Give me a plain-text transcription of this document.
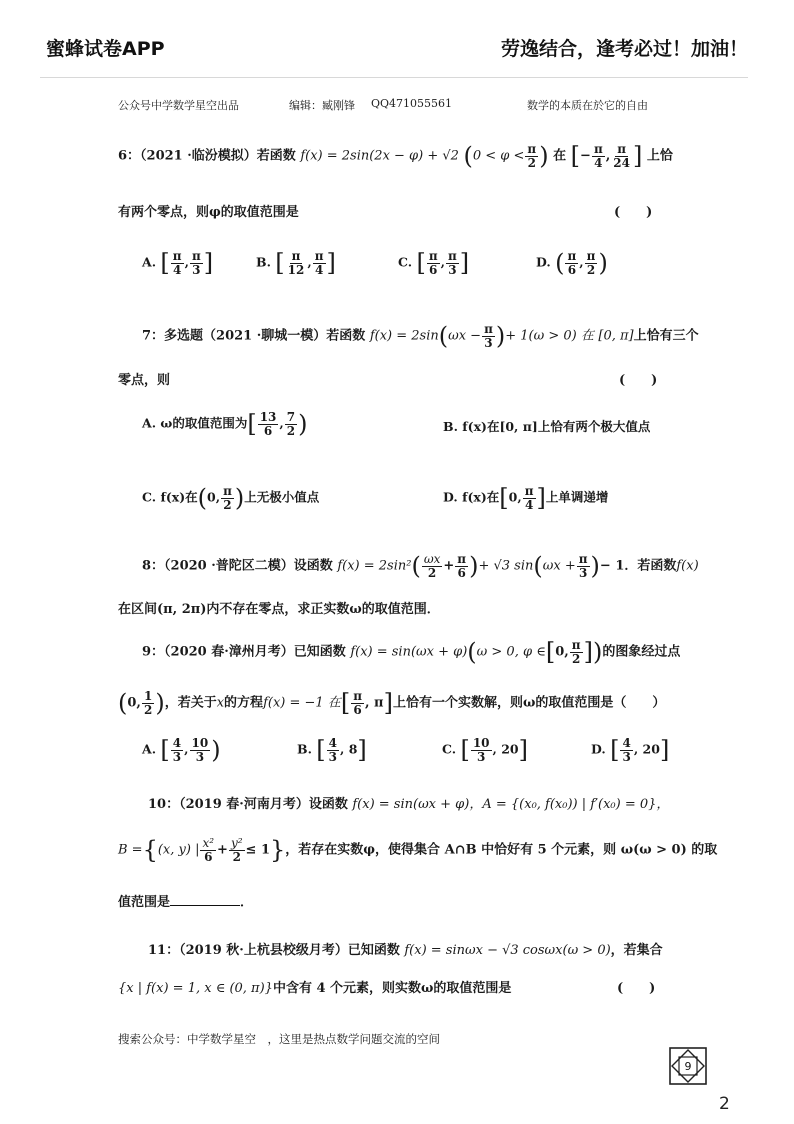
蜜蜂试卷APP	劳逸结合，逢考必过！加油！
公众号中学数学星空出品	编辑：臧刚锋 QQ471055561	数学的本质在於它的自由
6：（2021 ·临汾模拟）若函数 f(x) = 2sin(2x − φ) + √2 ($0 < \varphi < \frac{\pi}{2}$ ) 在 [− $\frac{\pi}{4}$ , $\frac{\pi}{24}$ ] 上恰
有两个零点，则φ的取值范围是	(　　)
A. [ $\frac{\pi}{4}$ , $\frac{\pi}{3}$ ]	B. [ $\frac{\pi}{12}$ , $\frac{\pi}{4}$ ]	C. [ $\frac{\pi}{6}$ , $\frac{\pi}{3}$ ]	D. ( $\frac{\pi}{6}$ , $\frac{\pi}{2}$ )
7：多选题（2021 ·聊城一模）若函数 $f(x) = 2\sin(\omega x - \frac{\pi}{3}$ )+ 1(ω > 0) 在 [0, π]上恰有三个
零点，则	(　　)
A. ω的取值范围为[ $\frac{13}{6}$ , $\frac{7}{2}$ )	B. f(x)在[0, π]上恰有两个极大值点
C. f(x)在(0, $\frac{\pi}{2}$ )上无极小值点	D. f(x)在[0, $\frac{\pi}{4}$ ]上单调递增
8：（2020 ·普陀区二模）设函数 $f(x) = 2\sin^2( \frac{\omega x}{2} + \frac{\pi}{6}$ )+ √3 $\sin(\omega x + \frac{\pi}{3}$ )− 1．若函数f(x)
在区间(π, 2π)内不存在零点，求正实数ω的取值范围．
9：（2020 春·漳州月考）已知函数 f(x) = sin(ωx + φ)(ω > 0, φ ∈[0, $\frac{\pi}{2}$ ])的图象经过点
(0, $\frac{1}{2}$ )，若关于x的方程f(x) = −1 在[ $\frac{\pi}{6}$ , π]上恰有一个实数解，则ω的取值范围是（　　）
A. [ $\frac{4}{3}$ , $\frac{10}{3}$ )	B. [ $\frac{4}{3}$ , 8]	C. [ $\frac{10}{3}$ , 20]	D. [ $\frac{4}{3}$ , 20]
10：（2019 春·河南月考）设函数 f(x) = sin(ωx + φ)，A = {(x₀, f(x₀)) | f′(x₀) = 0}，
B ={(x, y) | $\frac{\text{x²}}{6} + \frac{\text{y²}}{2} \le 1$}，若存在实数φ，使得集合 A∩B 中恰好有 5 个元素，则 ω(ω > 0) 的取
值范围是	．
11：（2019 秋·上杭县校级月考）已知函数 f(x) = sinωx − √3 cosωx(ω > 0)，若集合
{x | f(x) = 1, x ∈ (0, π)}中含有 4 个元素，则实数ω的取值范围是	(　　)
搜索公众号：中学数学星空　，这里是热点数学问题交流的空间
9
2
